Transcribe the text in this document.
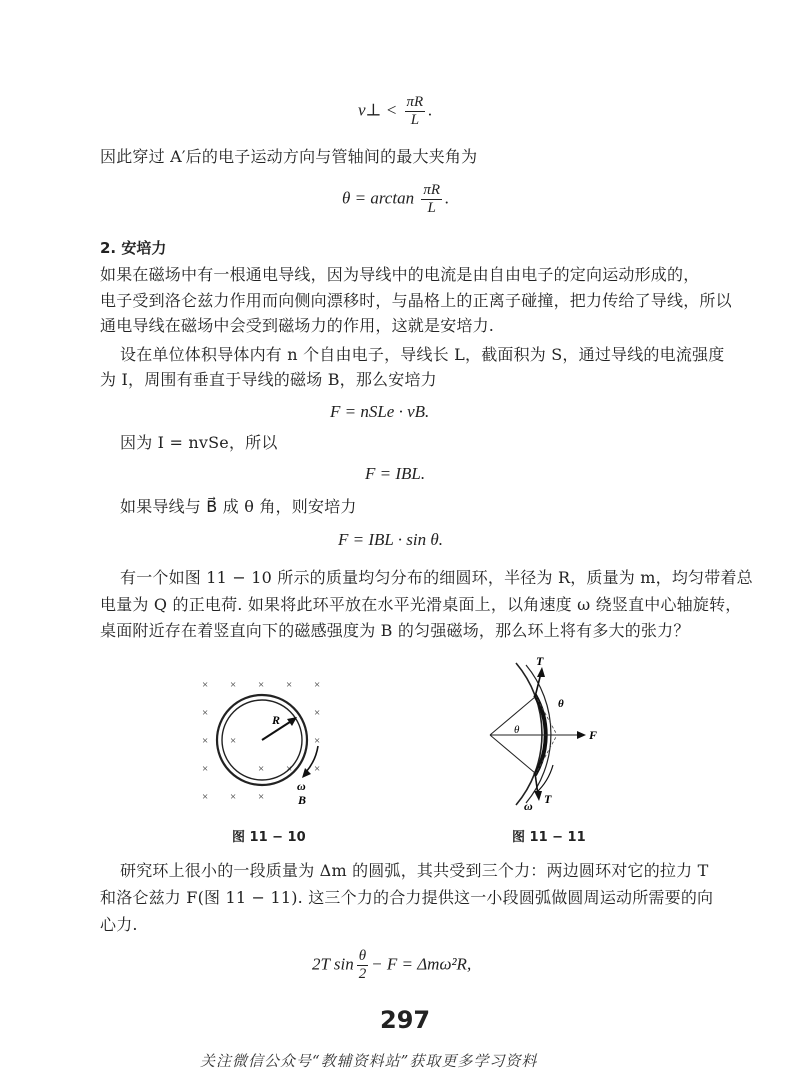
v⊥ < $\frac{\pi R}{L}$ .
因此穿过 A′后的电子运动方向与管轴间的最大夹角为
$\theta = \arctan \frac{\pi R}{L}$ .
2. 安培力
如果在磁场中有一根通电导线，因为导线中的电流是由自由电子的定向运动形成的，
电子受到洛仑兹力作用而向侧向漂移时，与晶格上的正离子碰撞，把力传给了导线，所以
通电导线在磁场中会受到磁场力的作用，这就是安培力.
设在单位体积导体内有 n 个自由电子，导线长 L，截面积为 S，通过导线的电流强度
为 I，周围有垂直于导线的磁场 B，那么安培力
F = nSLe · vB.
因为 I = nvSe，所以
F = IBL.
如果导线与 B⃗ 成 θ 角，则安培力
F = IBL · sin θ.
有一个如图 11 − 10 所示的质量均匀分布的细圆环，半径为 R，质量为 m，均匀带着总
电量为 Q 的正电荷. 如果将此环平放在水平光滑桌面上，以角速度 ω 绕竖直中心轴旋转，
桌面附近存在着竖直向下的磁感强度为 B 的匀强磁场，那么环上将有多大的张力？
× × × × ×
×	×
× ×	×
×	× × ×
× × ×
R
ω
B
F
θ
θ
T
T
ω
图 11 − 10	图 11 − 11
研究环上很小的一段质量为 Δm 的圆弧，其共受到三个力：两边圆环对它的拉力 T
和洛仑兹力 F(图 11 − 11). 这三个力的合力提供这一小段圆弧做圆周运动所需要的向
心力.
2T $\sin \frac{\theta}{2} - F = \Delta m\omega^2R$,
297
关注微信公众号“教辅资料站”获取更多学习资料
